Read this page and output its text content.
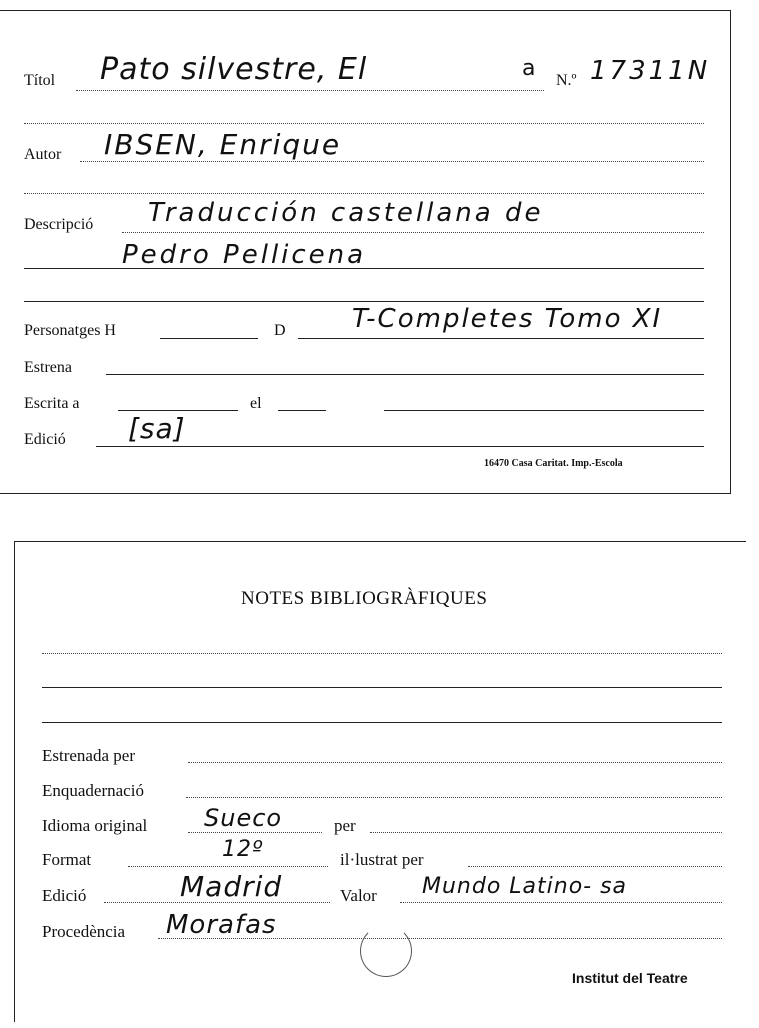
Títol Pato silvestre, El	a N.º 17311N
Autor IBSEN, Enrique
Descripció Traducción castellana de
Pedro Pellicena
Personatges H	D	T-Completes Tomo XI
Estrena
Escrita a	el
Edició [sa]
16470 Casa Caritat. Imp.-Escola
NOTES BIBLIOGRÀFIQUES
Estrenada per
Enquadernació
Idioma original Sueco	per
Format	12º	il·lustrat per
Edició	Madrid	Valor Mundo Latino- sa
Procedència Morafas
Institut del Teatre
